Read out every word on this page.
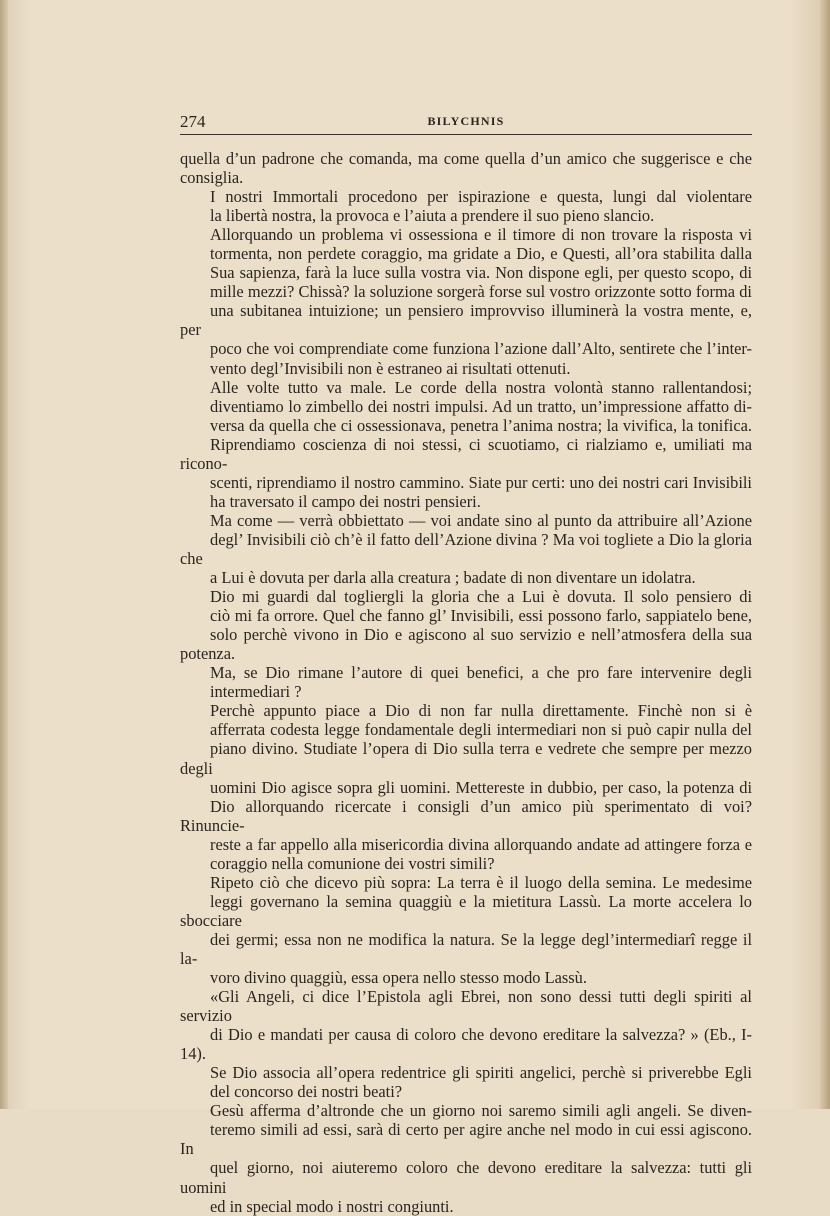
274	BILYCHNIS

quella d’un padrone che comanda, ma come quella d’un amico che suggerisce e che
consiglia.

I nostri Immortali procedono per ispirazione e questa, lungi dal violentare
la libertà nostra, la provoca e l’aiuta a prendere il suo pieno slancio.

Allorquando un problema vi ossessiona e il timore di non trovare la risposta vi
tormenta, non perdete coraggio, ma gridate a Dio, e Questi, all’ora stabilita dalla
Sua sapienza, farà la luce sulla vostra via. Non dispone egli, per questo scopo, di
mille mezzi? Chissà? la soluzione sorgerà forse sul vostro orizzonte sotto forma di
una subitanea intuizione; un pensiero improvviso illuminerà la vostra mente, e, per
poco che voi comprendiate come funziona l’azione dall’Alto, sentirete che l’inter-
vento degl’Invisibili non è estraneo ai risultati ottenuti.

Alle volte tutto va male. Le corde della nostra volontà stanno rallentandosi;
diventiamo lo zimbello dei nostri impulsi. Ad un tratto, un’impressione affatto di-
versa da quella che ci ossessionava, penetra l’anima nostra; la vivifica, la tonifica.
Riprendiamo coscienza di noi stessi, ci scuotiamo, ci rialziamo e, umiliati ma ricono-
scenti, riprendiamo il nostro cammino. Siate pur certi: uno dei nostri cari Invisibili
ha traversato il campo dei nostri pensieri.

Ma come — verrà obbiettato — voi andate sino al punto da attribuire all’Azione
degl’ Invisibili ciò ch’è il fatto dell’Azione divina ? Ma voi togliete a Dio la gloria che
a Lui è dovuta per darla alla creatura ; badate di non diventare un idolatra.

Dio mi guardi dal togliergli la gloria che a Lui è dovuta. Il solo pensiero di
ciò mi fa orrore. Quel che fanno gl’ Invisibili, essi possono farlo, sappiatelo bene,
solo perchè vivono in Dio e agiscono al suo servizio e nell’atmosfera della sua potenza.

Ma, se Dio rimane l’autore di quei benefici, a che pro fare intervenire degli
intermediari ?

Perchè appunto piace a Dio di non far nulla direttamente. Finchè non si è
afferrata codesta legge fondamentale degli intermediari non si può capir nulla del
piano divino. Studiate l’opera di Dio sulla terra e vedrete che sempre per mezzo degli
uomini Dio agisce sopra gli uomini. Mettereste in dubbio, per caso, la potenza di
Dio allorquando ricercate i consigli d’un amico più sperimentato di voi? Rinuncie-
reste a far appello alla misericordia divina allorquando andate ad attingere forza e
coraggio nella comunione dei vostri simili?

Ripeto ciò che dicevo più sopra: La terra è il luogo della semina. Le medesime
leggi governano la semina quaggiù e la mietitura Lassù. La morte accelera lo sbocciare
dei germi; essa non ne modifica la natura. Se la legge degl’intermediarî regge il la-
voro divino quaggiù, essa opera nello stesso modo Lassù.

«Gli Angeli, ci dice l’Epistola agli Ebrei, non sono dessi tutti degli spiriti al servizio
di Dio e mandati per causa di coloro che devono ereditare la salvezza? » (Eb., I-14).

Se Dio associa all’opera redentrice gli spiriti angelici, perchè si priverebbe Egli
del concorso dei nostri beati?

Gesù afferma d’altronde che un giorno noi saremo simili agli angeli. Se diven-
teremo simili ad essi, sarà di certo per agire anche nel modo in cui essi agiscono. In
quel giorno, noi aiuteremo coloro che devono ereditare la salvezza: tutti gli uomini
ed in special modo i nostri congiunti.
